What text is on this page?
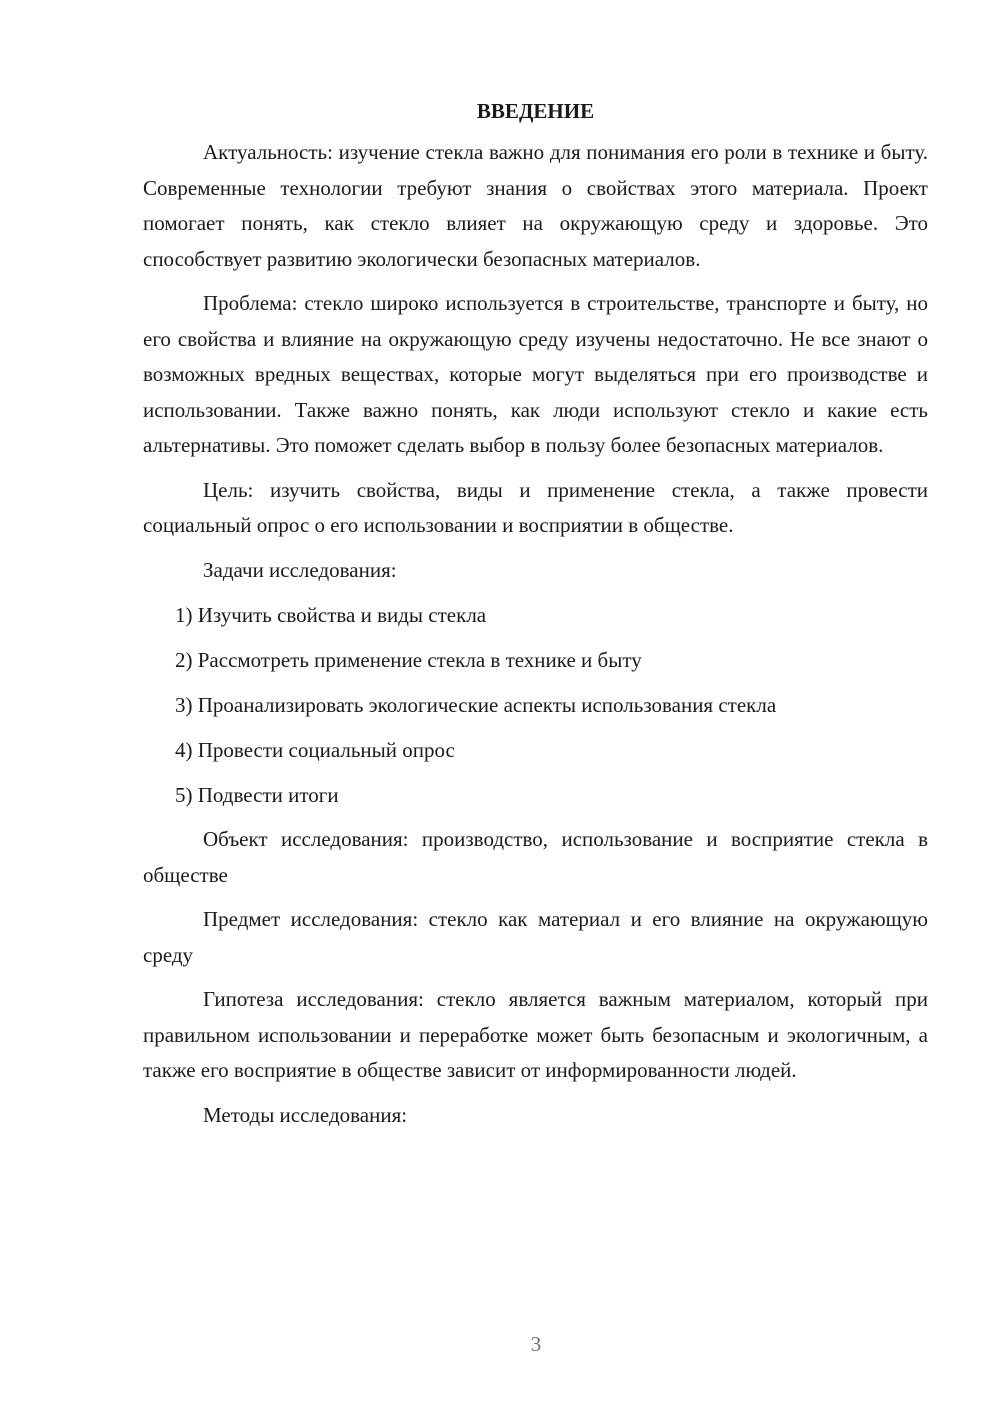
ВВЕДЕНИЕ

Актуальность: изучение стекла важно для понимания его роли в технике и быту. Современные технологии требуют знания о свойствах этого материала. Проект помогает понять, как стекло влияет на окружающую среду и здоровье. Это способствует развитию экологически безопасных материалов.

Проблема: стекло широко используется в строительстве, транспорте и быту, но его свойства и влияние на окружающую среду изучены недостаточно. Не все знают о возможных вредных веществах, которые могут выделяться при его производстве и использовании. Также важно понять, как люди используют стекло и какие есть альтернативы. Это поможет сделать выбор в пользу более безопасных материалов.

Цель: изучить свойства, виды и применение стекла, а также провести социальный опрос о его использовании и восприятии в обществе.

Задачи исследования:

1) Изучить свойства и виды стекла
2) Рассмотреть применение стекла в технике и быту
3) Проанализировать экологические аспекты использования стекла
4) Провести социальный опрос
5) Подвести итоги

Объект исследования: производство, использование и восприятие стекла в обществе

Предмет исследования: стекло как материал и его влияние на окружающую среду

Гипотеза исследования: стекло является важным материалом, который при правильном использовании и переработке может быть безопасным и экологичным, а также его восприятие в обществе зависит от информированности людей.

Методы исследования:

3
